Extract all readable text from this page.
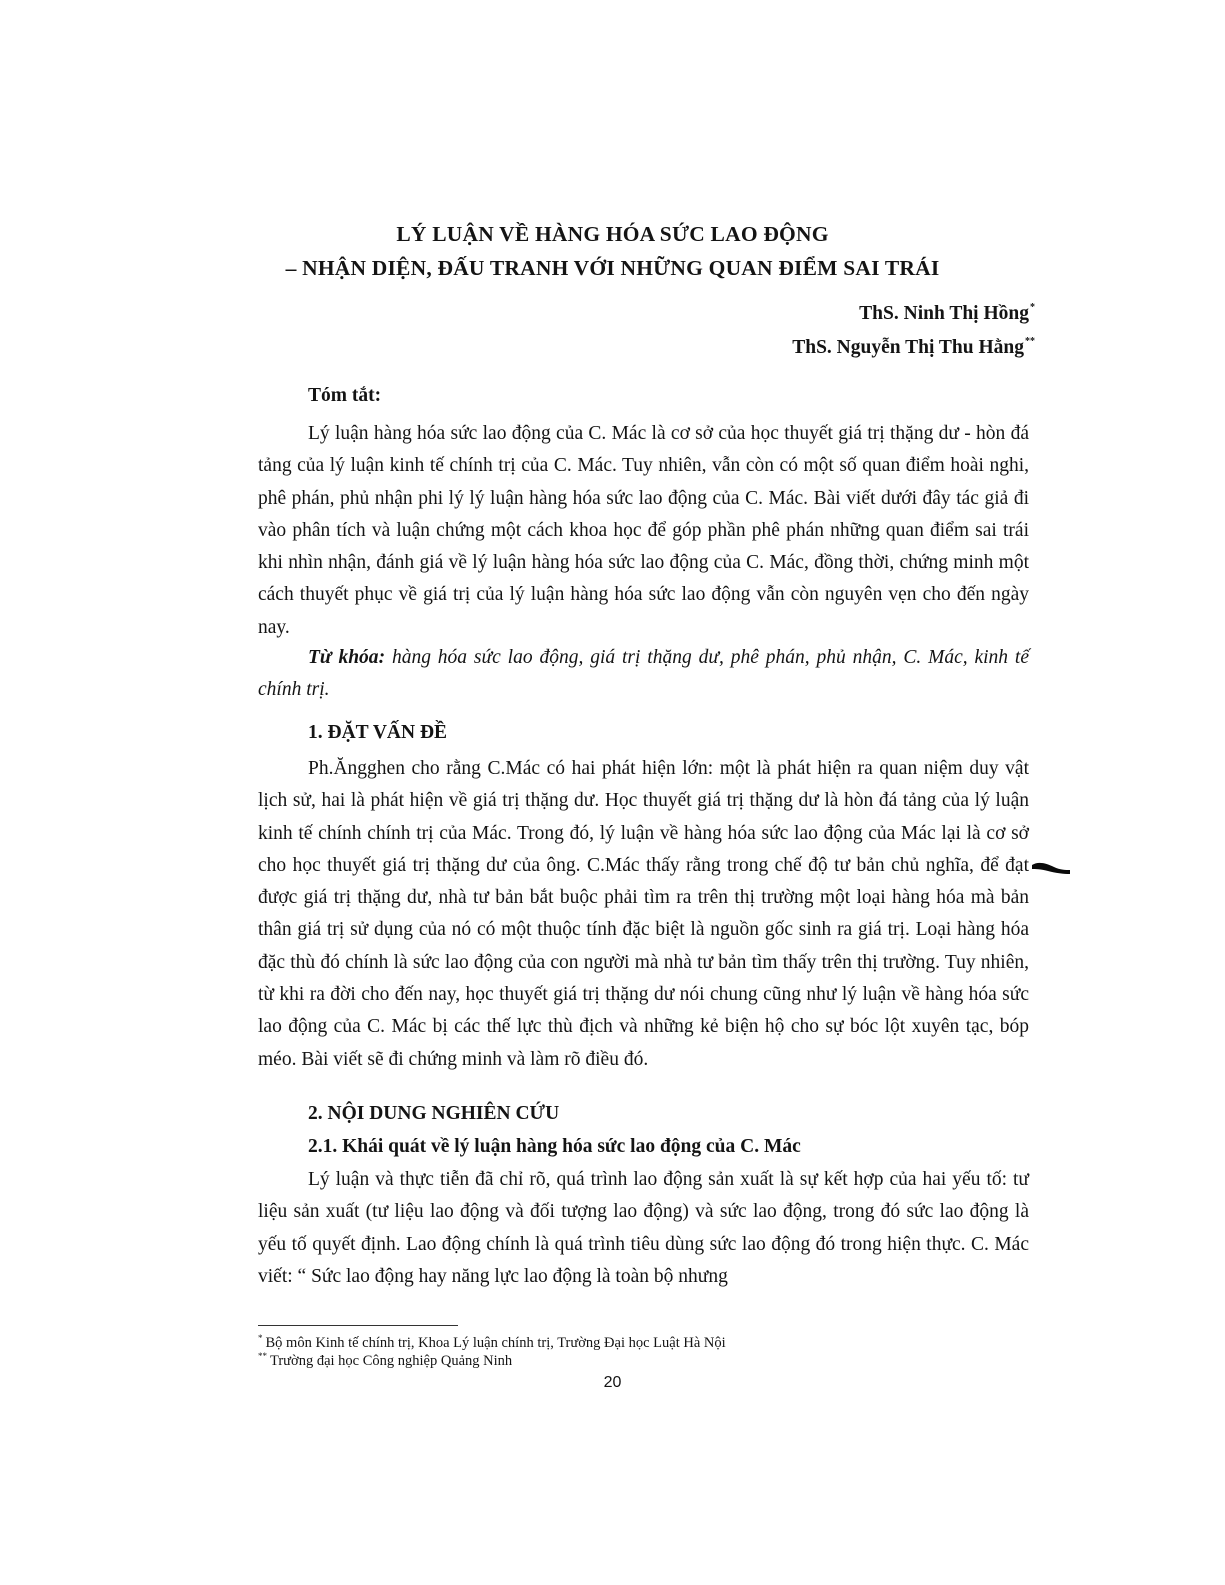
LÝ LUẬN VỀ HÀNG HÓA SỨC LAO ĐỘNG
– NHẬN DIỆN, ĐẤU TRANH VỚI NHỮNG QUAN ĐIỂM SAI TRÁI
ThS. Ninh Thị Hồng*
ThS. Nguyễn Thị Thu Hằng**
Tóm tắt:

Lý luận hàng hóa sức lao động của C. Mác là cơ sở của học thuyết giá trị thặng dư - hòn đá tảng của lý luận kinh tế chính trị của C. Mác. Tuy nhiên, vẫn còn có một số quan điểm hoài nghi, phê phán, phủ nhận phi lý lý luận hàng hóa sức lao động của C. Mác. Bài viết dưới đây tác giả đi vào phân tích và luận chứng một cách khoa học để góp phần phê phán những quan điểm sai trái khi nhìn nhận, đánh giá về lý luận hàng hóa sức lao động của C. Mác, đồng thời, chứng minh một cách thuyết phục về giá trị của lý luận hàng hóa sức lao động vẫn còn nguyên vẹn cho đến ngày nay.

Từ khóa: hàng hóa sức lao động, giá trị thặng dư, phê phán, phủ nhận, C. Mác, kinh tế chính trị.

1. ĐẶT VẤN ĐỀ

Ph.Ăngghen cho rằng C.Mác có hai phát hiện lớn: một là phát hiện ra quan niệm duy vật lịch sử, hai là phát hiện về giá trị thặng dư. Học thuyết giá trị thặng dư là hòn đá tảng của lý luận kinh tế chính chính trị của Mác. Trong đó, lý luận về hàng hóa sức lao động của Mác lại là cơ sở cho học thuyết giá trị thặng dư của ông. C.Mác thấy rằng trong chế độ tư bản chủ nghĩa, để đạt được giá trị thặng dư, nhà tư bản bắt buộc phải tìm ra trên thị trường một loại hàng hóa mà bản thân giá trị sử dụng của nó có một thuộc tính đặc biệt là nguồn gốc sinh ra giá trị. Loại hàng hóa đặc thù đó chính là sức lao động của con người mà nhà tư bản tìm thấy trên thị trường. Tuy nhiên, từ khi ra đời cho đến nay, học thuyết giá trị thặng dư nói chung cũng như lý luận về hàng hóa sức lao động của C. Mác bị các thế lực thù địch và những kẻ biện hộ cho sự bóc lột xuyên tạc, bóp méo. Bài viết sẽ đi chứng minh và làm rõ điều đó.

2. NỘI DUNG NGHIÊN CỨU
2.1. Khái quát về lý luận hàng hóa sức lao động của C. Mác

Lý luận và thực tiễn đã chỉ rõ, quá trình lao động sản xuất là sự kết hợp của hai yếu tố: tư liệu sản xuất (tư liệu lao động và đối tượng lao động) và sức lao động, trong đó sức lao động là yếu tố quyết định. Lao động chính là quá trình tiêu dùng sức lao động đó trong hiện thực. C. Mác viết: “ Sức lao động hay năng lực lao động là toàn bộ nhưng

* Bộ môn Kinh tế chính trị, Khoa Lý luận chính trị, Trường Đại học Luật Hà Nội
** Trường đại học Công nghiệp Quảng Ninh
20
